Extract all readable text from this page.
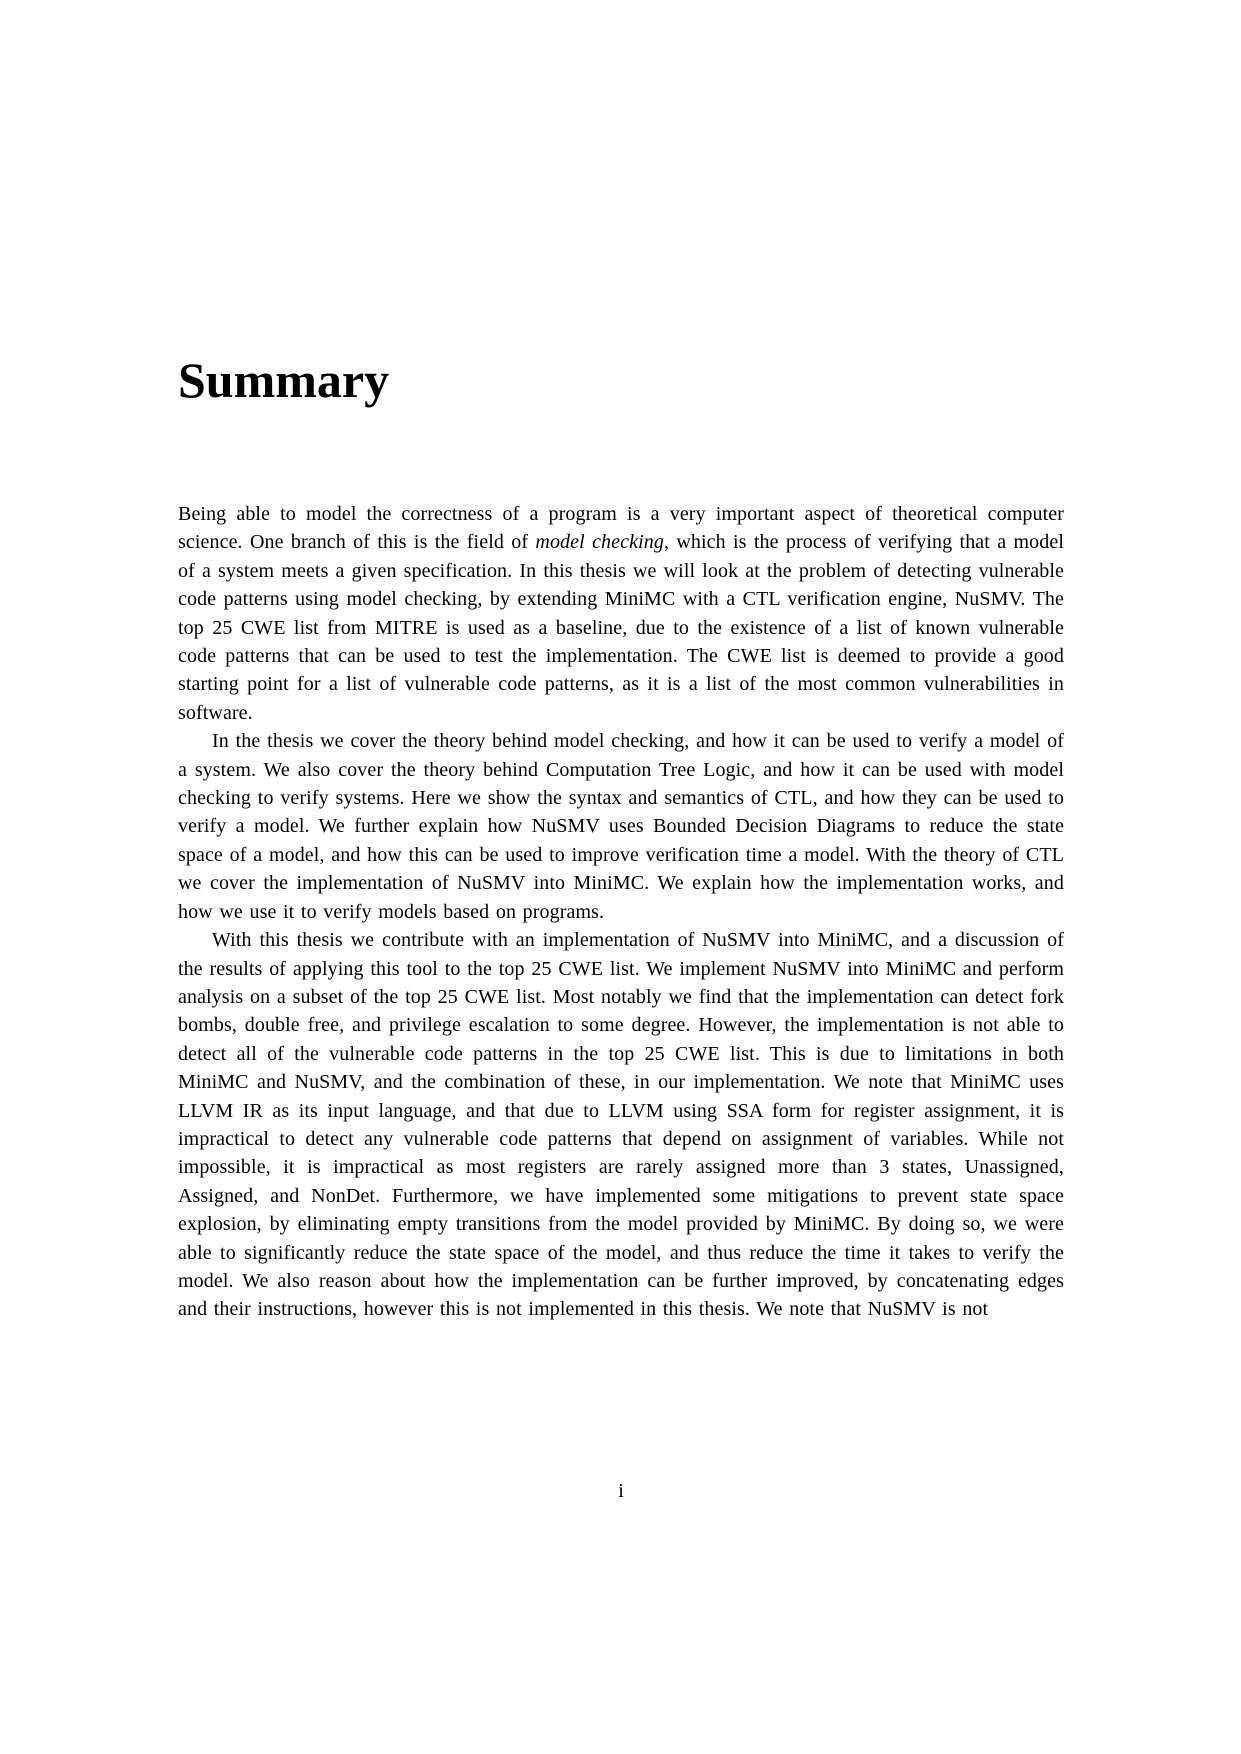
Summary

Being able to model the correctness of a program is a very important aspect of theoretical computer science. One branch of this is the field of model checking, which is the process of verifying that a model of a system meets a given specification. In this thesis we will look at the problem of detecting vulnerable code patterns using model checking, by extending MiniMC with a CTL verification engine, NuSMV. The top 25 CWE list from MITRE is used as a baseline, due to the existence of a list of known vulnerable code patterns that can be used to test the implementation. The CWE list is deemed to provide a good starting point for a list of vulnerable code patterns, as it is a list of the most common vulnerabilities in software.

In the thesis we cover the theory behind model checking, and how it can be used to verify a model of a system. We also cover the theory behind Computation Tree Logic, and how it can be used with model checking to verify systems. Here we show the syntax and semantics of CTL, and how they can be used to verify a model. We further explain how NuSMV uses Bounded Decision Diagrams to reduce the state space of a model, and how this can be used to improve verification time a model. With the theory of CTL we cover the implementation of NuSMV into MiniMC. We explain how the implementation works, and how we use it to verify models based on programs.

With this thesis we contribute with an implementation of NuSMV into MiniMC, and a discussion of the results of applying this tool to the top 25 CWE list. We implement NuSMV into MiniMC and perform analysis on a subset of the top 25 CWE list. Most notably we find that the implementation can detect fork bombs, double free, and privilege escalation to some degree. However, the implementation is not able to detect all of the vulnerable code patterns in the top 25 CWE list. This is due to limitations in both MiniMC and NuSMV, and the combination of these, in our implementation. We note that MiniMC uses LLVM IR as its input language, and that due to LLVM using SSA form for register assignment, it is impractical to detect any vulnerable code patterns that depend on assignment of variables. While not impossible, it is impractical as most registers are rarely assigned more than 3 states, Unassigned, Assigned, and NonDet. Furthermore, we have implemented some mitigations to prevent state space explosion, by eliminating empty transitions from the model provided by MiniMC. By doing so, we were able to significantly reduce the state space of the model, and thus reduce the time it takes to verify the model. We also reason about how the implementation can be further improved, by concatenating edges and their instructions, however this is not implemented in this thesis. We note that NuSMV is not

i
